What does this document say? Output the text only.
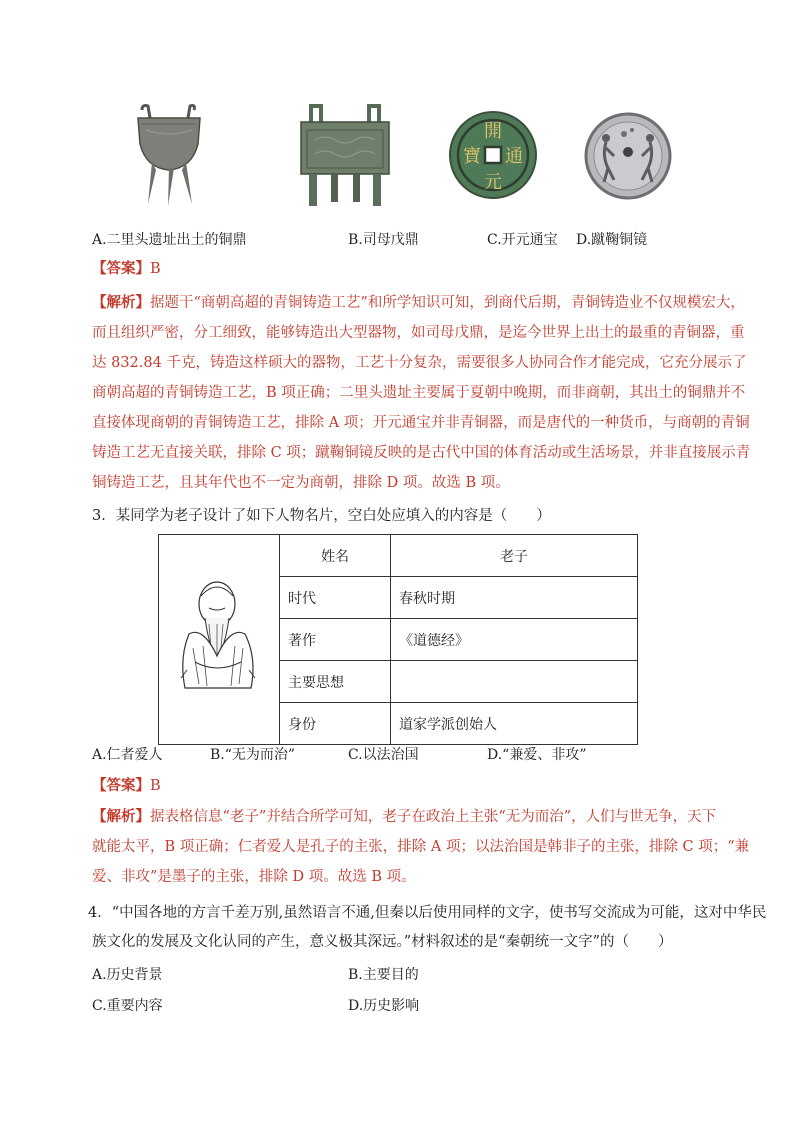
開
通
元
寶
A.二里头遗址出土的铜鼎	B.司母戊鼎	C.开元通宝 D.蹴鞠铜镜
【答案】B
【解析】据题干“商朝高超的青铜铸造工艺”和所学知识可知，到商代后期，青铜铸造业不仅规模宏大，
而且组织严密，分工细致，能够铸造出大型器物，如司母戊鼎，是迄今世界上出土的最重的青铜器，重
达 832.84 千克，铸造这样硕大的器物，工艺十分复杂，需要很多人协同合作才能完成，它充分展示了
商朝高超的青铜铸造工艺，B 项正确；二里头遗址主要属于夏朝中晚期，而非商朝，其出土的铜鼎并不
直接体现商朝的青铜铸造工艺，排除 A 项；开元通宝并非青铜器，而是唐代的一种货币，与商朝的青铜
铸造工艺无直接关联，排除 C 项；蹴鞠铜镜反映的是古代中国的体育活动或生活场景，并非直接展示青
铜铸造工艺，且其年代也不一定为商朝，排除 D 项。故选 B 项。
3．某同学为老子设计了如下人物名片，空白处应填入的内容是（　　）
	姓名	老子
	时代	春秋时期
	著作	《道德经》
	主要思想	
	身份	道家学派创始人
A.仁者爱人	B.“无为而治”	C.以法治国	D.“兼爱、非攻”
【答案】B
【解析】据表格信息“老子”并结合所学可知，老子在政治上主张“无为而治”，人们与世无争，天下
就能太平，B 项正确；仁者爱人是孔子的主张，排除 A 项；以法治国是韩非子的主张，排除 C 项；“兼
爱、非攻”是墨子的主张，排除 D 项。故选 B 项。
4．“中国各地的方言千差万别,虽然语言不通,但秦以后使用同样的文字，使书写交流成为可能，这对中华民
族文化的发展及文化认同的产生，意义极其深远。”材料叙述的是“秦朝统一文字”的（　　）
A.历史背景	B.主要目的
C.重要内容	D.历史影响
